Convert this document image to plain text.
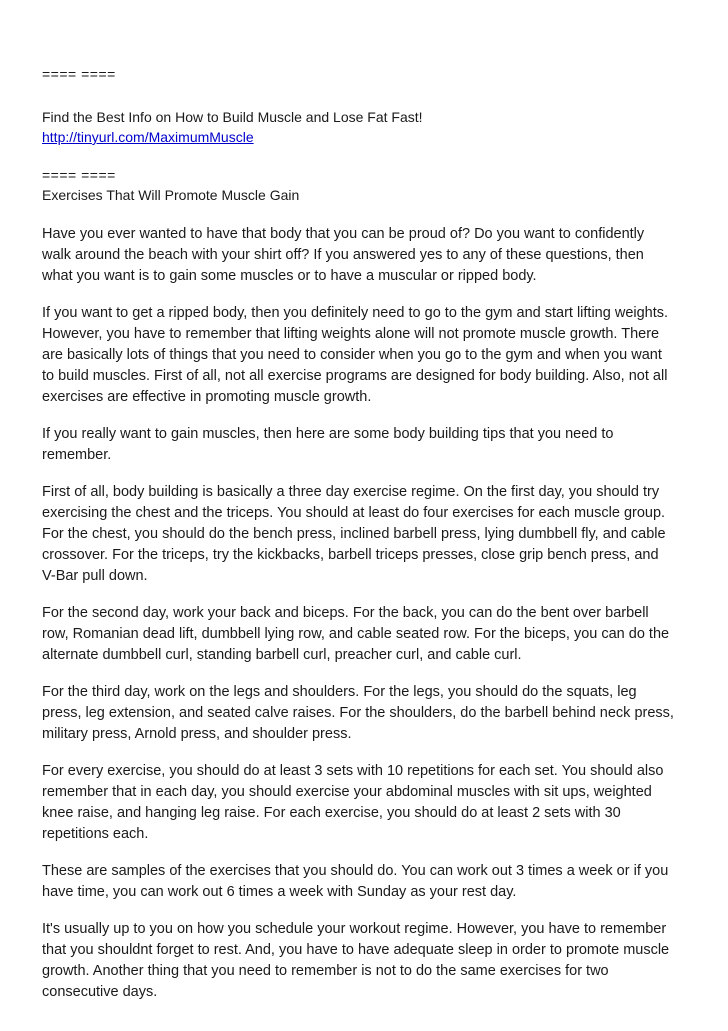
==== ====

Find the Best Info on How to Build Muscle and Lose Fat Fast!

http://tinyurl.com/MaximumMuscle

==== ====

Exercises That Will Promote Muscle Gain

Have you ever wanted to have that body that you can be proud of? Do you want to confidently
walk around the beach with your shirt off? If you answered yes to any of these questions, then
what you want is to gain some muscles or to have a muscular or ripped body.
If you want to get a ripped body, then you definitely need to go to the gym and start lifting weights.
However, you have to remember that lifting weights alone will not promote muscle growth. There
are basically lots of things that you need to consider when you go to the gym and when you want
to build muscles. First of all, not all exercise programs are designed for body building. Also, not all
exercises are effective in promoting muscle growth.
If you really want to gain muscles, then here are some body building tips that you need to
remember.
First of all, body building is basically a three day exercise regime. On the first day, you should try
exercising the chest and the triceps. You should at least do four exercises for each muscle group.
For the chest, you should do the bench press, inclined barbell press, lying dumbbell fly, and cable
crossover. For the triceps, try the kickbacks, barbell triceps presses, close grip bench press, and
V-Bar pull down.
For the second day, work your back and biceps. For the back, you can do the bent over barbell
row, Romanian dead lift, dumbbell lying row, and cable seated row. For the biceps, you can do the
alternate dumbbell curl, standing barbell curl, preacher curl, and cable curl.
For the third day, work on the legs and shoulders. For the legs, you should do the squats, leg
press, leg extension, and seated calve raises. For the shoulders, do the barbell behind neck press,
military press, Arnold press, and shoulder press.
For every exercise, you should do at least 3 sets with 10 repetitions for each set. You should also
remember that in each day, you should exercise your abdominal muscles with sit ups, weighted
knee raise, and hanging leg raise. For each exercise, you should do at least 2 sets with 30
repetitions each.
These are samples of the exercises that you should do. You can work out 3 times a week or if you
have time, you can work out 6 times a week with Sunday as your rest day.
It's usually up to you on how you schedule your workout regime. However, you have to remember
that you shouldnt forget to rest. And, you have to have adequate sleep in order to promote muscle
growth. Another thing that you need to remember is not to do the same exercises for two
consecutive days.
